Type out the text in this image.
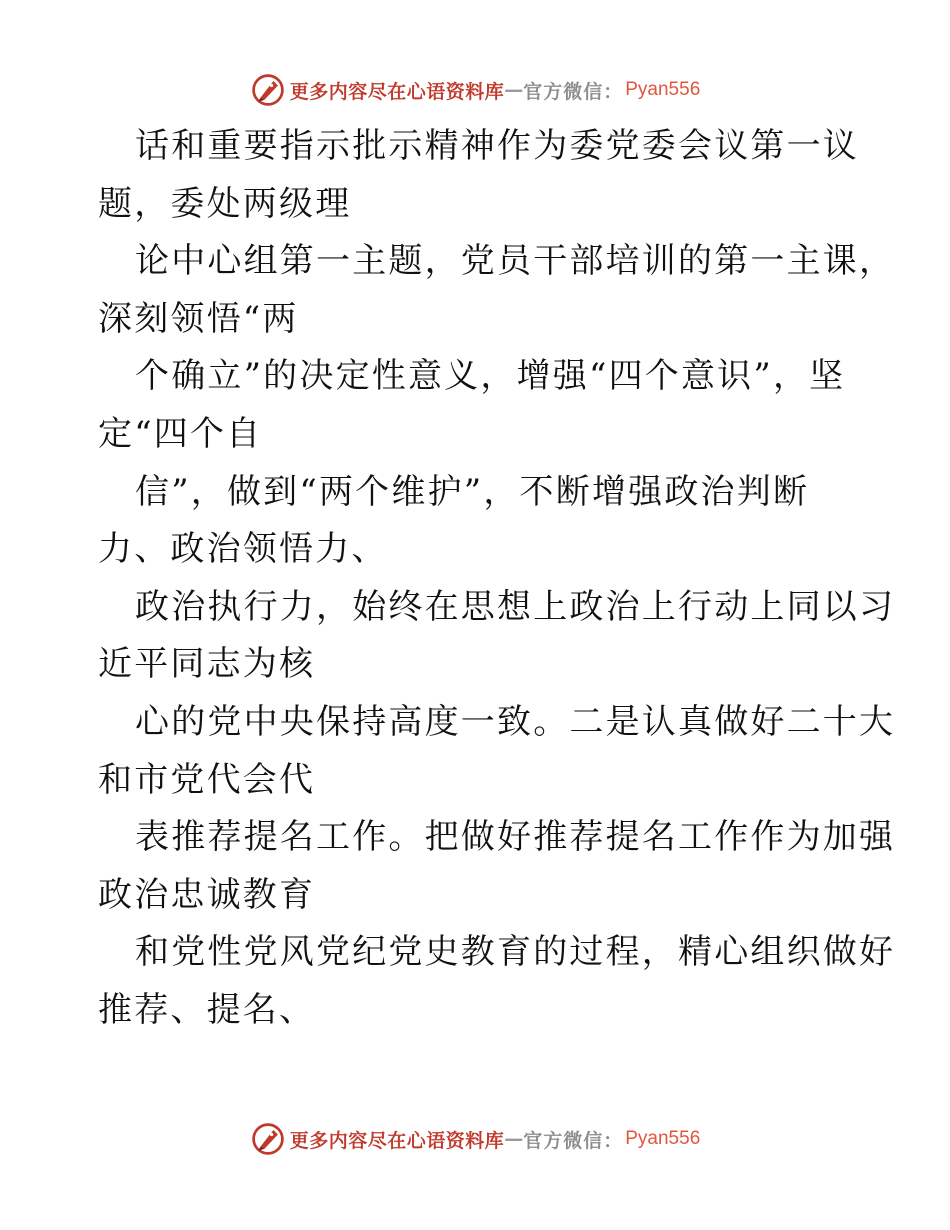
更多内容尽在心语资料库 — 官方微信： Pyan556
话和重要指示批示精神作为委党委会议第一议
题，委处两级理
论中心组第一主题，党员干部培训的第一主课，
深刻领悟“两
个确立”的决定性意义，增强“四个意识”，坚
定“四个自
信”，做到“两个维护”，不断增强政治判断
力、政治领悟力、
政治执行力，始终在思想上政治上行动上同以习
近平同志为核
心的党中央保持高度一致。二是认真做好二十大
和市党代会代
表推荐提名工作。把做好推荐提名工作作为加强
政治忠诚教育
和党性党风党纪党史教育的过程，精心组织做好
推荐、提名、
更多内容尽在心语资料库 — 官方微信： Pyan556
